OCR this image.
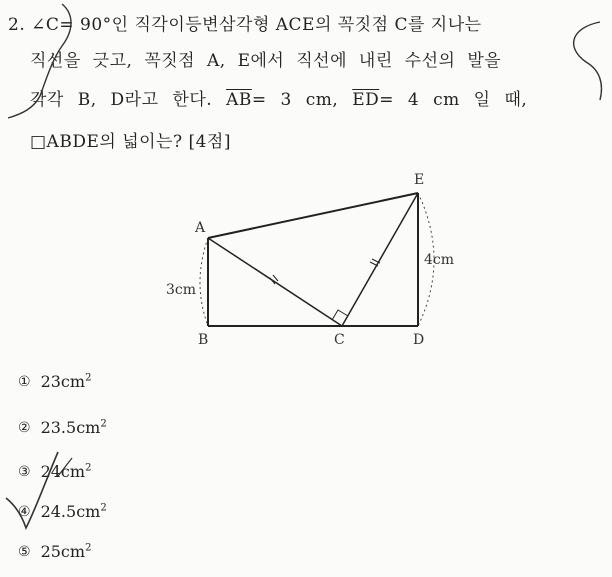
2. ∠C= 90°인 직각이등변삼각형 ACE의 꼭짓점 C를 지나는
직선을 긋고, 꼭짓점 A, E에서 직선에 내린 수선의 발을
각각 B, D라고 한다. $\overline{AB}= 3$ cm, $\overline{ED}= 4$ cm 일 때,
□ABDE의 넓이는? [4점]
A
B	C	D
E
3cm
4cm
① $23cm^2$
② $23.5cm^2$
③ $24cm^2$
④ $24.5cm^2$
⑤ $25cm^2$
